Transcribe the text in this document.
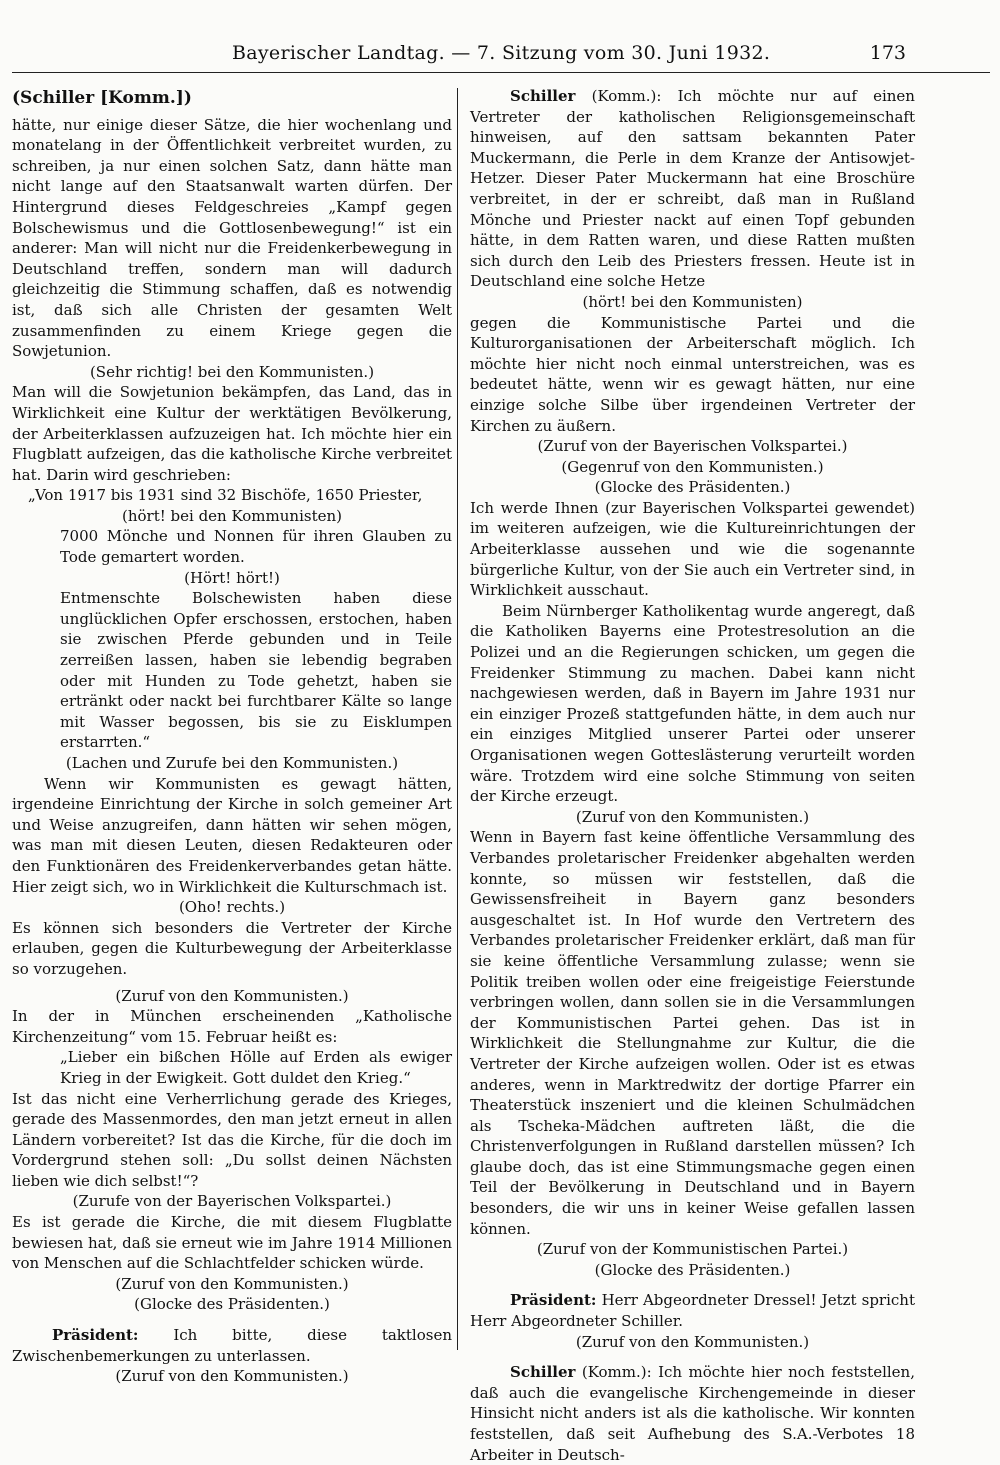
Bayerischer Landtag. — 7. Sitzung vom 30. Juni 1932.	173

(Schiller [Komm.])

hätte, nur einige dieser Sätze, die hier wochenlang und monatelang in der Öffentlichkeit verbreitet wurden, zu schreiben, ja nur einen solchen Satz, dann hätte man nicht lange auf den Staatsanwalt warten dürfen. Der Hintergrund dieses Feldgeschreies „Kampf gegen Bolschewismus und die Gottlosenbewegung!“ ist ein anderer: Man will nicht nur die Freidenkerbewegung in Deutschland treffen, sondern man will dadurch gleichzeitig die Stimmung schaffen, daß es notwendig ist, daß sich alle Christen der gesamten Welt zusammenfinden zu einem Kriege gegen die Sowjetunion.

(Sehr richtig! bei den Kommunisten.)

Man will die Sowjetunion bekämpfen, das Land, das in Wirklichkeit eine Kultur der werktätigen Bevölkerung, der Arbeiterklassen aufzuzeigen hat. Ich möchte hier ein Flugblatt aufzeigen, das die katholische Kirche verbreitet hat. Darin wird geschrieben:

„Von 1917 bis 1931 sind 32 Bischöfe, 1650 Priester,

(hört! bei den Kommunisten)

7000 Mönche und Nonnen für ihren Glauben zu Tode gemartert worden.

(Hört! hört!)

Entmenschte Bolschewisten haben diese unglücklichen Opfer erschossen, erstochen, haben sie zwischen Pferde gebunden und in Teile zerreißen lassen, haben sie lebendig begraben oder mit Hunden zu Tode gehetzt, haben sie ertränkt oder nackt bei furchtbarer Kälte so lange mit Wasser begossen, bis sie zu Eisklumpen erstarrten.“

(Lachen und Zurufe bei den Kommunisten.)

Wenn wir Kommunisten es gewagt hätten, irgendeine Einrichtung der Kirche in solch gemeiner Art und Weise anzugreifen, dann hätten wir sehen mögen, was man mit diesen Leuten, diesen Redakteuren oder den Funktionären des Freidenkerverbandes getan hätte. Hier zeigt sich, wo in Wirklichkeit die Kulturschmach ist.

(Oho! rechts.)

Es können sich besonders die Vertreter der Kirche erlauben, gegen die Kulturbewegung der Arbeiterklasse so vorzugehen.

(Zuruf von den Kommunisten.)

In der in München erscheinenden „Katholische Kirchenzeitung“ vom 15. Februar heißt es:

„Lieber ein bißchen Hölle auf Erden als ewiger Krieg in der Ewigkeit. Gott duldet den Krieg.“

Ist das nicht eine Verherrlichung gerade des Krieges, gerade des Massenmordes, den man jetzt erneut in allen Ländern vorbereitet? Ist das die Kirche, für die doch im Vordergrund stehen soll: „Du sollst deinen Nächsten lieben wie dich selbst!“?

(Zurufe von der Bayerischen Volkspartei.)

Es ist gerade die Kirche, die mit diesem Flugblatte bewiesen hat, daß sie erneut wie im Jahre 1914 Millionen von Menschen auf die Schlachtfelder schicken würde.

(Zuruf von den Kommunisten.)

(Glocke des Präsidenten.)

Präsident: Ich bitte, diese taktlosen Zwischenbemerkungen zu unterlassen.

(Zuruf von den Kommunisten.)

Schiller (Komm.): Ich möchte nur auf einen Vertreter der katholischen Religionsgemeinschaft hinweisen, auf den sattsam bekannten Pater Muckermann, die Perle in dem Kranze der Antisowjet-Hetzer. Dieser Pater Muckermann hat eine Broschüre verbreitet, in der er schreibt, daß man in Rußland Mönche und Priester nackt auf einen Topf gebunden hätte, in dem Ratten waren, und diese Ratten mußten sich durch den Leib des Priesters fressen. Heute ist in Deutschland eine solche Hetze

(hört! bei den Kommunisten)

gegen die Kommunistische Partei und die Kulturorganisationen der Arbeiterschaft möglich. Ich möchte hier nicht noch einmal unterstreichen, was es bedeutet hätte, wenn wir es gewagt hätten, nur eine einzige solche Silbe über irgendeinen Vertreter der Kirchen zu äußern.

(Zuruf von der Bayerischen Volkspartei.)

(Gegenruf von den Kommunisten.)

(Glocke des Präsidenten.)

Ich werde Ihnen (zur Bayerischen Volkspartei gewendet) im weiteren aufzeigen, wie die Kultureinrichtungen der Arbeiterklasse aussehen und wie die sogenannte bürgerliche Kultur, von der Sie auch ein Vertreter sind, in Wirklichkeit ausschaut.

Beim Nürnberger Katholikentag wurde angeregt, daß die Katholiken Bayerns eine Protestresolution an die Polizei und an die Regierungen schicken, um gegen die Freidenker Stimmung zu machen. Dabei kann nicht nachgewiesen werden, daß in Bayern im Jahre 1931 nur ein einziger Prozeß stattgefunden hätte, in dem auch nur ein einziges Mitglied unserer Partei oder unserer Organisationen wegen Gotteslästerung verurteilt worden wäre. Trotzdem wird eine solche Stimmung von seiten der Kirche erzeugt.

(Zuruf von den Kommunisten.)

Wenn in Bayern fast keine öffentliche Versammlung des Verbandes proletarischer Freidenker abgehalten werden konnte, so müssen wir feststellen, daß die Gewissensfreiheit in Bayern ganz besonders ausgeschaltet ist. In Hof wurde den Vertretern des Verbandes proletarischer Freidenker erklärt, daß man für sie keine öffentliche Versammlung zulasse; wenn sie Politik treiben wollen oder eine freigeistige Feierstunde verbringen wollen, dann sollen sie in die Versammlungen der Kommunistischen Partei gehen. Das ist in Wirklichkeit die Stellungnahme zur Kultur, die die Vertreter der Kirche aufzeigen wollen. Oder ist es etwas anderes, wenn in Marktredwitz der dortige Pfarrer ein Theaterstück inszeniert und die kleinen Schulmädchen als Tscheka-Mädchen auftreten läßt, die die Christenverfolgungen in Rußland darstellen müssen? Ich glaube doch, das ist eine Stimmungsmache gegen einen Teil der Bevölkerung in Deutschland und in Bayern besonders, die wir uns in keiner Weise gefallen lassen können.

(Zuruf von der Kommunistischen Partei.)

(Glocke des Präsidenten.)

Präsident: Herr Abgeordneter Dressel! Jetzt spricht Herr Abgeordneter Schiller.

(Zuruf von den Kommunisten.)

Schiller (Komm.): Ich möchte hier noch feststellen, daß auch die evangelische Kirchengemeinde in dieser Hinsicht nicht anders ist als die katholische. Wir konnten feststellen, daß seit Aufhebung des S.A.-Verbotes 18 Arbeiter in Deutsch-
